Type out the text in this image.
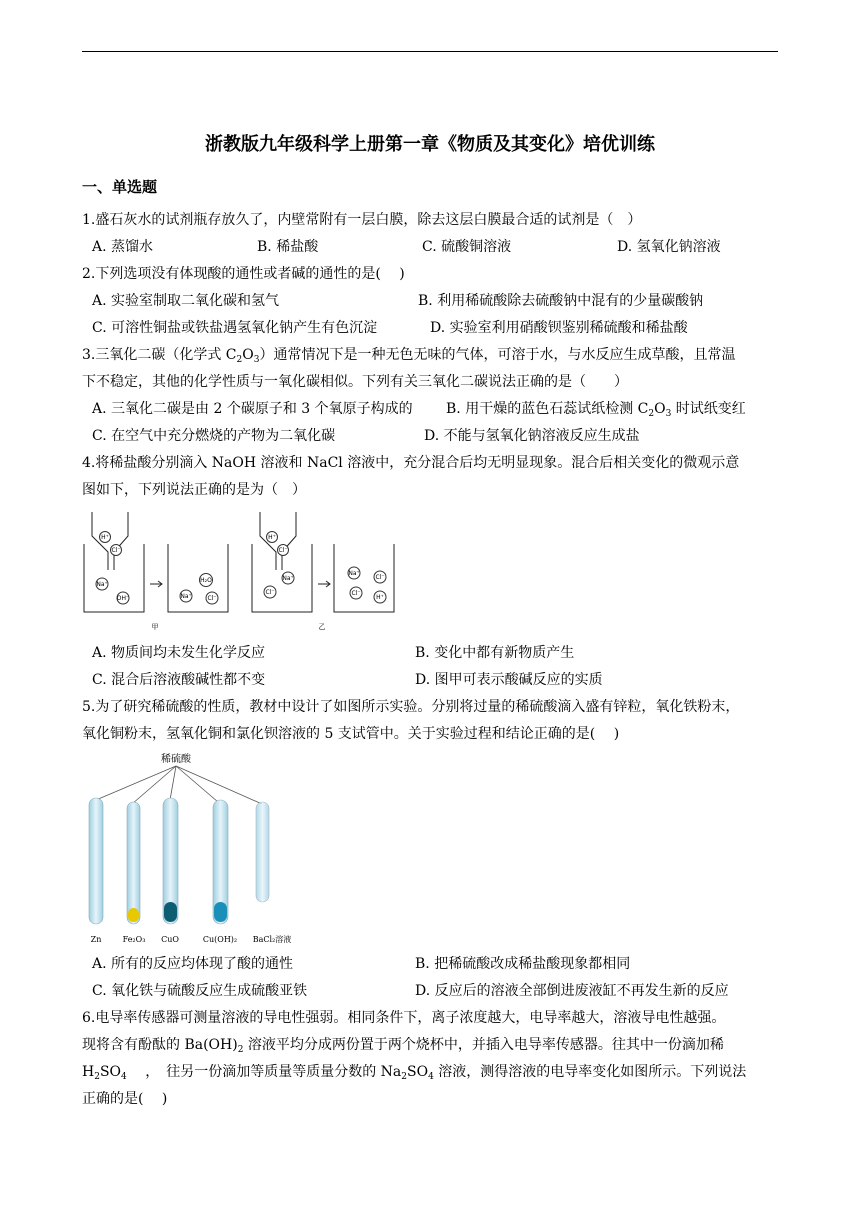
浙教版九年级科学上册第一章《物质及其变化》培优训练
一、单选题
1.盛石灰水的试剂瓶存放久了，内壁常附有一层白膜，除去这层白膜最合适的试剂是（　）
A. 蒸馏水	B. 稀盐酸	C. 硫酸铜溶液	D. 氢氧化钠溶液
2.下列选项没有体现酸的通性或者碱的通性的是(　 )
A. 实验室制取二氧化碳和氢气	B. 利用稀硫酸除去硫酸钠中混有的少量碳酸钠
C. 可溶性铜盐或铁盐遇氢氧化钠产生有色沉淀	D. 实验室利用硝酸钡鉴别稀硫酸和稀盐酸
3.三氧化二碳（化学式 $C_2O_3$）通常情况下是一种无色无味的气体，可溶于水，与水反应生成草酸，且常温
下不稳定，其他的化学性质与一氧化碳相似。下列有关三氧化二碳说法正确的是（　　）
A. 三氧化二碳是由 2 个碳原子和 3 个氧原子构成的 B. 用干燥的蓝色石蕊试纸检测 $C_2O_3$ 时试纸变红
C. 在空气中充分燃烧的产物为二氧化碳	D. 不能与氢氧化钠溶液反应生成盐
4.将稀盐酸分别滴入 NaOH 溶液和 NaCl 溶液中，充分混合后均无明显现象。混合后相关变化的微观示意
图如下，下列说法正确的是为（　）
H⁺
Cl⁻
Na⁺
OH⁻
H₂O
Na⁺	Cl⁻
甲
H⁺
Cl⁻
Na⁺
Cl⁻
Na⁺
Cl⁻
Cl⁻
H⁺
乙
A. 物质间均未发生化学反应	B. 变化中都有新物质产生
C. 混合后溶液酸碱性都不变	D. 图甲可表示酸碱反应的实质
5.为了研究稀硫酸的性质，教材中设计了如图所示实验。分别将过量的稀硫酸滴入盛有锌粒，氧化铁粉末，
氧化铜粉末，氢氧化铜和氯化钡溶液的 5 支试管中。关于实验过程和结论正确的是(　 )
稀硫酸
Zn	Fe₂O₃ CuO	Cu(OH)₂ BaCl₂溶液
A. 所有的反应均体现了酸的通性	B. 把稀硫酸改成稀盐酸现象都相同
C. 氧化铁与硫酸反应生成硫酸亚铁	D. 反应后的溶液全部倒进废液缸不再发生新的反应
6.电导率传感器可测量溶液的导电性强弱。相同条件下，离子浓度越大，电导率越大，溶液导电性越强。
现将含有酚酞的 $Ba(OH)_2$ 溶液平均分成两份置于两个烧杯中，并插入电导率传感器。往其中一份滴加稀
$H_2SO_4$　 ，　往另一份滴加等质量等质量分数的 $Na_2SO_4$ 溶液，测得溶液的电导率变化如图所示。下列说法
正确的是(　 )
